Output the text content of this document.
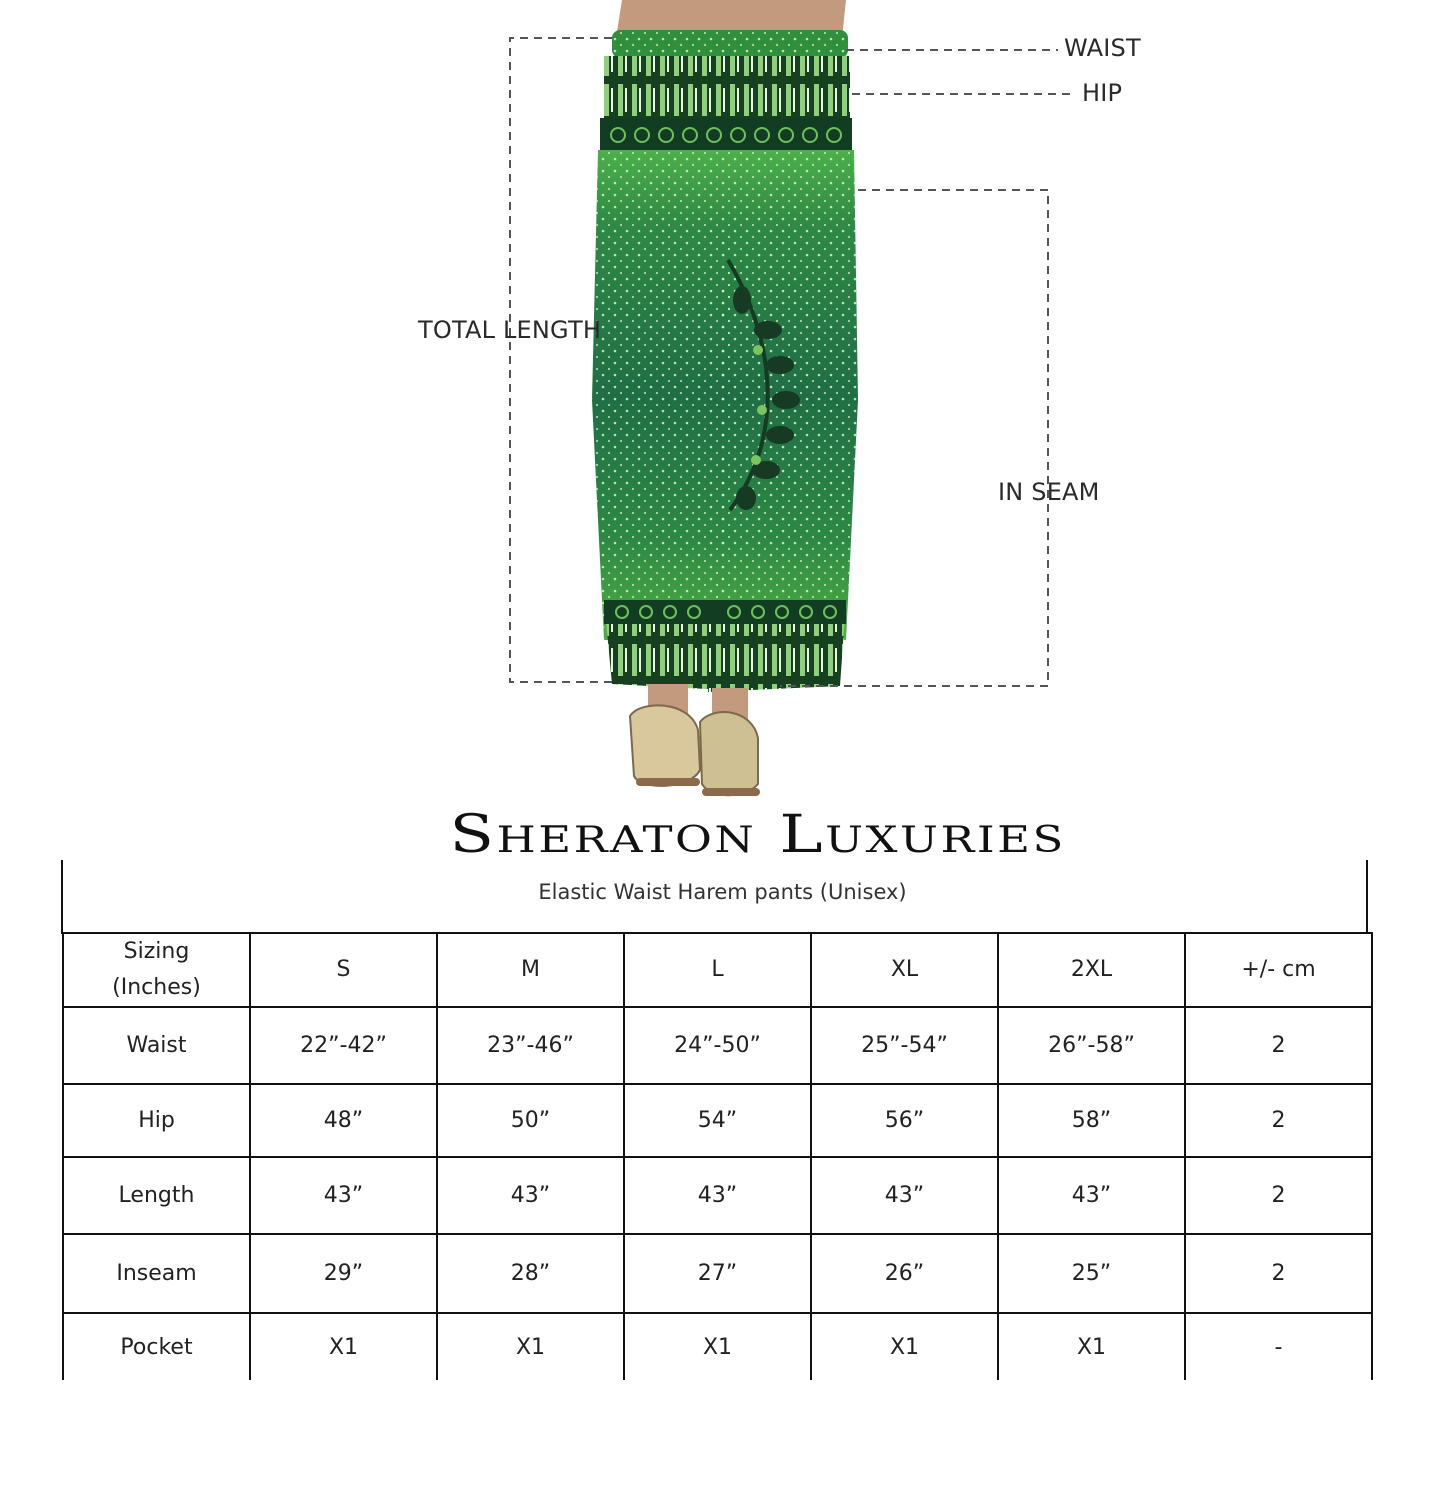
WAIST
HIP
TOTAL LENGTH
IN SEAM
Sheraton Luxuries
Elastic Waist Harem pants (Unisex)
Sizing
(Inches)	S	M	L	XL	2XL	+/- cm
Waist	22”-42”	23”-46”	24”-50”	25”-54”	26”-58”	2
Hip	48”	50”	54”	56”	58”	2
Length	43”	43”	43”	43”	43”	2
Inseam	29”	28”	27”	26”	25”	2
Pocket	X1	X1	X1	X1	X1	-
